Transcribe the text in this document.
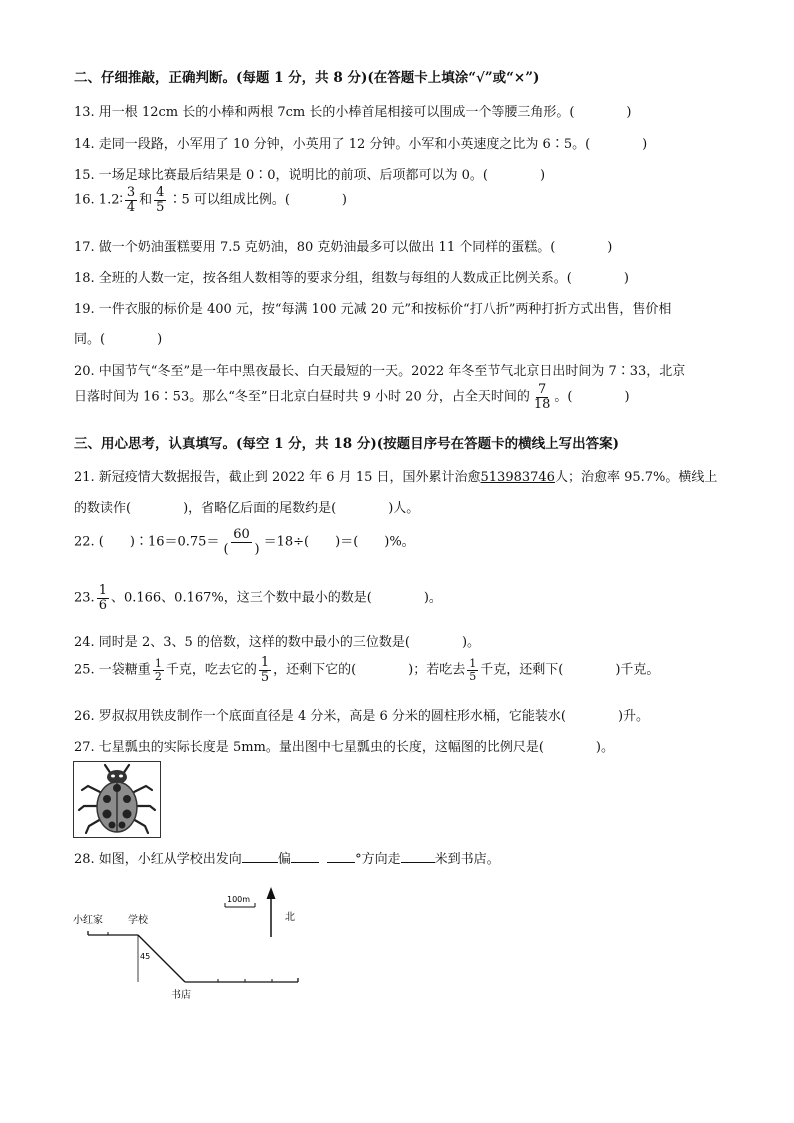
二、仔细推敲，正确判断。(每题 1 分，共 8 分)(在答题卡上填涂“√”或“×”)
13. 用一根 12cm 长的小棒和两根 7cm 长的小棒首尾相接可以围成一个等腰三角形。(　　　　)
14. 走同一段路，小军用了 10 分钟，小英用了 12 分钟。小军和小英速度之比为 6∶5。(　　　　)
15. 一场足球比赛最后结果是 0∶0，说明比的前项、后项都可以为 0。(　　　　)
16. 1.2∶ $\frac{3}{4}$ 和 $\frac{4}{5}$ ∶5 可以组成比例。(　　　　)
17. 做一个奶油蛋糕要用 7.5 克奶油，80 克奶油最多可以做出 11 个同样的蛋糕。(　　　　)
18. 全班的人数一定，按各组人数相等的要求分组，组数与每组的人数成正比例关系。(　　　　)
19. 一件衣服的标价是 400 元，按“每满 100 元减 20 元”和按标价“打八折”两种打折方式出售，售价相
同。(　　　　)
20. 中国节气“冬至”是一年中黑夜最长、白天最短的一天。2022 年冬至节气北京日出时间为 7∶33，北京
日落时间为 16∶53。那么“冬至”日北京白昼时共 9 小时 20 分，占全天时间的 $\frac{7}{18}$ 。(　　　　)
三、用心思考，认真填写。(每空 1 分，共 18 分)(按题目序号在答题卡的横线上写出答案)
21. 新冠疫情大数据报告，截止到 2022 年 6 月 15 日，国外累计治愈513983746人；治愈率 95.7%。横线上
的数读作(　　　　)，省略亿后面的尾数约是(　　　　)人。
22. (　　)∶16＝0.75＝ $\frac{60}{( )} =18\div$(　　)＝(　　)%。
23. $\frac{1}{6}$ 、0.166、0.167%，这三个数中最小的数是(　　　　)。
24. 同时是 2、3、5 的倍数，这样的数中最小的三位数是(　　　　)。
25. 一袋糖重 $\frac{1}{2}$ 千克，吃去它的 $\frac{1}{5}$ ，还剩下它的(　　　　)；若吃去 $\frac{1}{5}$ 千克，还剩下(　　　　)千克。
26. 罗叔叔用铁皮制作一个底面直径是 4 分米，高是 6 分米的圆柱形水桶，它能装水(　　　　)升。
27. 七星瓢虫的实际长度是 5mm。量出图中七星瓢虫的长度，这幅图的比例尺是(　　　　)。
28. 如图，小红从学校出发向	偏	°方向走	米到书店。
100m
北
小红家	学校
45
书店
